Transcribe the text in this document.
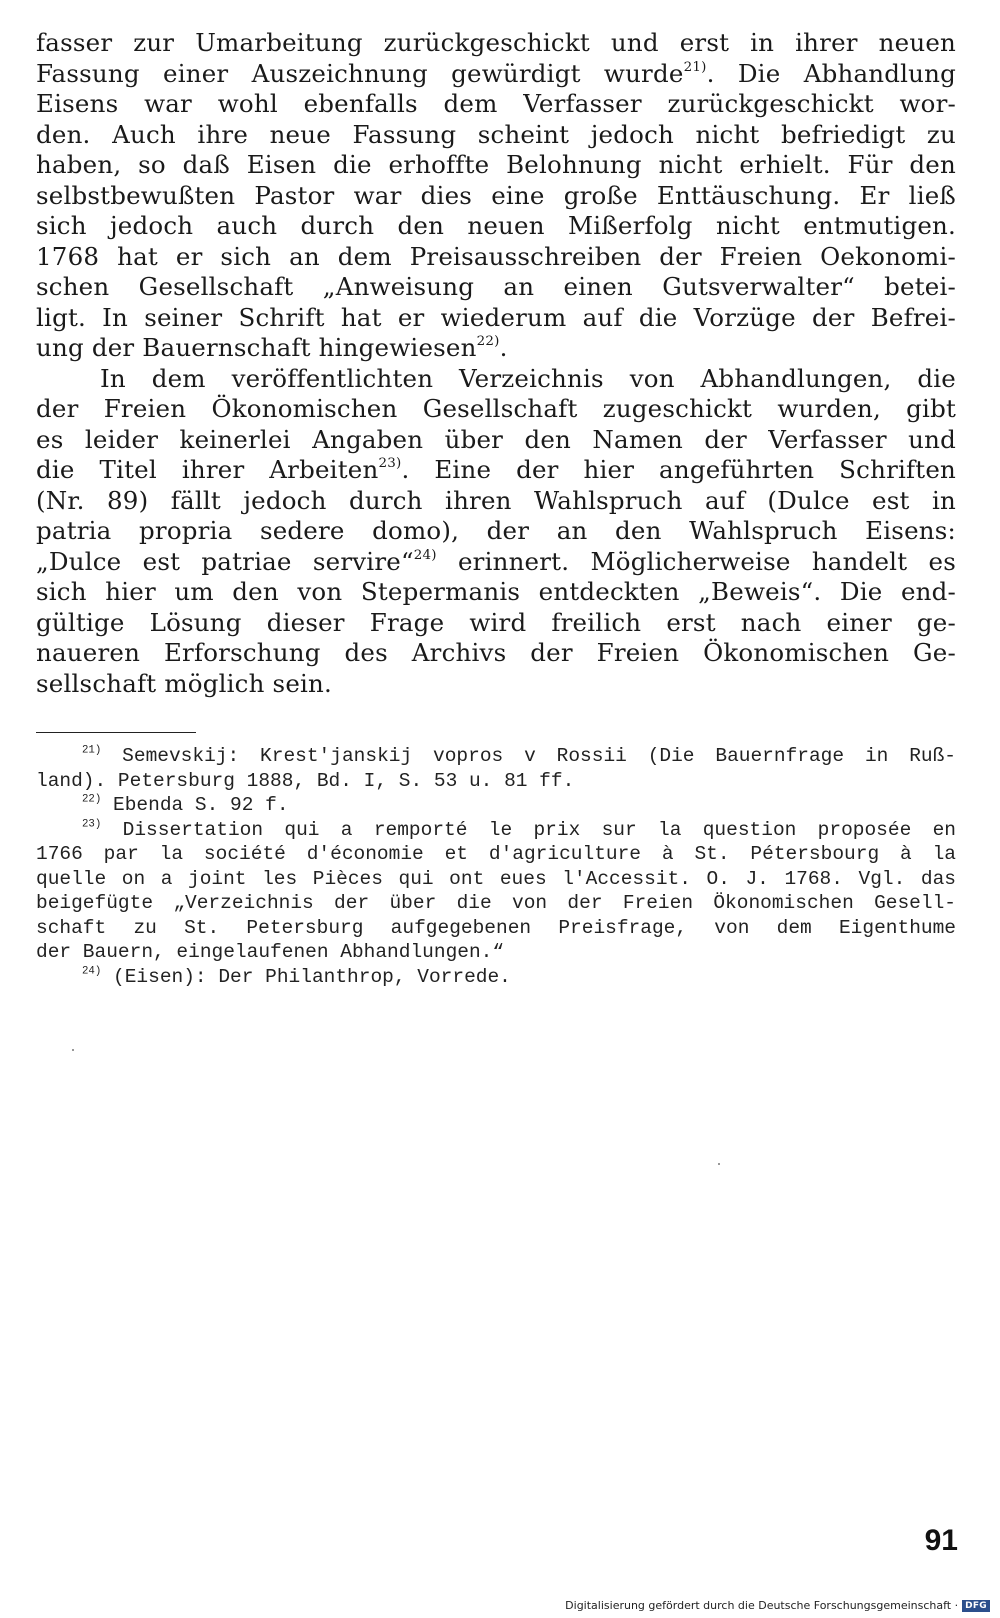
fasser zur Umarbeitung zurückgeschickt und erst in ihrer neuen
Fassung einer Auszeichnung gewürdigt wurde$^{21)}$. Die Abhandlung
Eisens war wohl ebenfalls dem Verfasser zurückgeschickt wor-
den. Auch ihre neue Fassung scheint jedoch nicht befriedigt zu
haben, so daß Eisen die erhoffte Belohnung nicht erhielt. Für den
selbstbewußten Pastor war dies eine große Enttäuschung. Er ließ
sich jedoch auch durch den neuen Mißerfolg nicht entmutigen.
1768 hat er sich an dem Preisausschreiben der Freien Oekonomi-
schen Gesellschaft „Anweisung an einen Gutsverwalter“ betei-
ligt. In seiner Schrift hat er wiederum auf die Vorzüge der Befrei-
ung der Bauernschaft hingewiesen$^{22)}$.
In dem veröffentlichten Verzeichnis von Abhandlungen, die
der Freien Ökonomischen Gesellschaft zugeschickt wurden, gibt
es leider keinerlei Angaben über den Namen der Verfasser und
die Titel ihrer Arbeiten$^{23)}$. Eine der hier angeführten Schriften
(Nr. 89) fällt jedoch durch ihren Wahlspruch auf (Dulce est in
patria propria sedere domo), der an den Wahlspruch Eisens:
„Dulce est patriae servire“$^{24)}$ erinnert. Möglicherweise handelt es
sich hier um den von Stepermanis entdeckten „Beweis“. Die end-
gültige Lösung dieser Frage wird freilich erst nach einer ge-
naueren Erforschung des Archivs der Freien Ökonomischen Ge-
sellschaft möglich sein.
$^{21)}$ Semevskij: Krest'janskij vopros v Rossii (Die Bauernfrage in Ruß-
land). Petersburg 1888, Bd. I, S. 53 u. 81 ff.
$^{22)}$ Ebenda S. 92 f.
$^{23)}$ Dissertation qui a remporté le prix sur la question proposée en
1766 par la société d'économie et d'agriculture à St. Pétersbourg à la
quelle on a joint les Pièces qui ont eues l'Accessit. O. J. 1768. Vgl. das
beigefügte „Verzeichnis der über die von der Freien Ökonomischen Gesell-
schaft zu St. Petersburg aufgegebenen Preisfrage, von dem Eigenthume
der Bauern, eingelaufenen Abhandlungen.“
$^{24)}$ (Eisen): Der Philanthrop, Vorrede.
91
Digitalisierung gefördert durch die Deutsche Forschungsgemeinschaft · DFG
